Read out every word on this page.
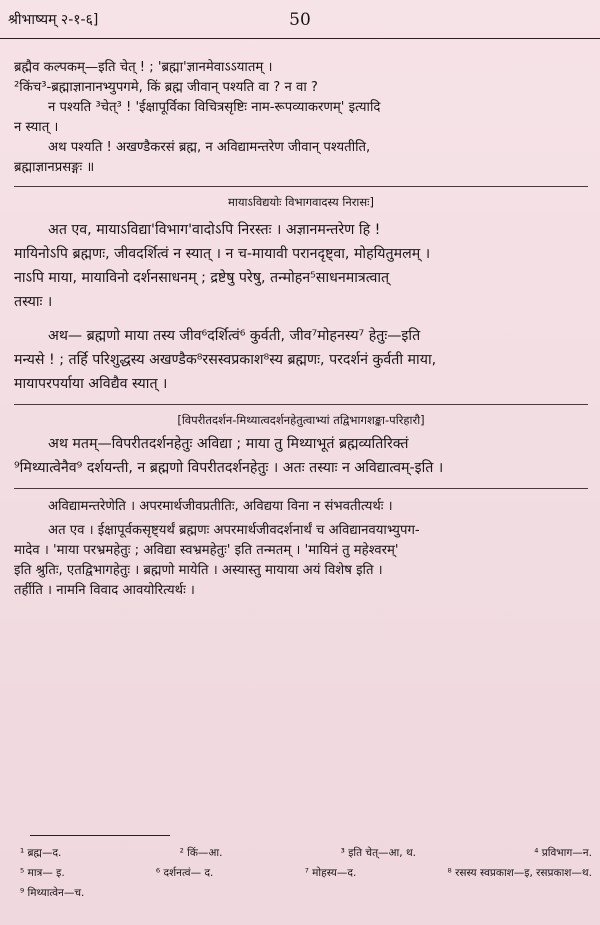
श्रीभाष्यम् २-१-६]	50
ब्रह्मैव कल्पकम्—इति चेत् ! ; 'ब्रह्मा'ज्ञानमेवाऽऽयातम् ।
²किंच³-ब्रह्माज्ञानानभ्युपगमे, किं ब्रह्म जीवान् पश्यति वा ? न वा ?
न पश्यति ³चेत्³ ! 'ईक्षापूर्विका विचित्रसृष्टिः नाम-रूपव्याकरणम्' इत्यादि
न स्यात् ।
अथ पश्यति ! अखण्डैकरसं ब्रह्म, न अविद्यामन्तरेण जीवान् पश्यतीति,
ब्रह्माज्ञानप्रसङ्गः ॥
मायाऽविद्ययोः विभागवादस्य निरासः]
अत एव, मायाऽविद्या'विभाग'वादोऽपि निरस्तः । अज्ञानमन्तरेण हि !
मायिनोऽपि ब्रह्मणः, जीवदर्शित्वं न स्यात् । न च-मायावी परानदृष्ट्वा, मोहयितुमलम् ।
नाऽपि माया, मायाविनो दर्शनसाधनम् ; द्रष्टेषु परेषु, तन्मोहन⁵साधनमात्रत्वात्
तस्याः ।
अथ— ब्रह्मणो माया तस्य जीव⁶दर्शित्वं⁶ कुर्वती, जीव⁷मोहनस्य⁷ हेतुः—इति
मन्यसे ! ; तर्हि परिशुद्धस्य अखण्डैक⁸रसस्वप्रकाश⁸स्य ब्रह्मणः, परदर्शनं कुर्वती माया,
मायापरपर्याया अविद्यैव स्यात् ।
[विपरीतदर्शन-मिथ्यात्वदर्शनहेतुत्वाभ्यां तद्विभागशङ्का-परिहारौ]
अथ मतम्—विपरीतदर्शनहेतुः अविद्या ; माया तु मिथ्याभूतं ब्रह्मव्यतिरिक्तं
⁹मिथ्यात्वेनैव⁹ दर्शयन्ती, न ब्रह्मणो विपरीतदर्शनहेतुः । अतः तस्याः न अविद्यात्वम्-इति ।
अविद्यामन्तरेणेति । अपरमार्थजीवप्रतीतिः, अविद्यया विना न संभवतीत्यर्थः ।
अत एव । ईक्षापूर्वकसृष्ट्यर्थं ब्रह्मणः अपरमार्थजीवदर्शनार्थं च अविद्यानवयाभ्युपग-
मादेव । 'माया परभ्रमहेतुः ; अविद्या स्वभ्रमहेतुः' इति तन्मतम् । 'मायिनं तु महेश्वरम्'
इति श्रुतिः, एतद्विभागहेतुः । ब्रह्मणो मायेति । अस्यास्तु मायाया अयं विशेष इति ।
तर्हीति । नामनि विवाद आवयोरित्यर्थः ।
¹ ब्रह्म—द.	² किं—आ.	³ इति चेत्—आ, थ.	⁴ प्रविभाग—न.
⁵ मात्र— इ.	⁶ दर्शनत्वं— द.	⁷ मोहस्य—द.	⁸ रसस्य स्वप्रकाश—इ, रसप्रकाश—थ.
⁹ मिथ्यात्वेन—च.
